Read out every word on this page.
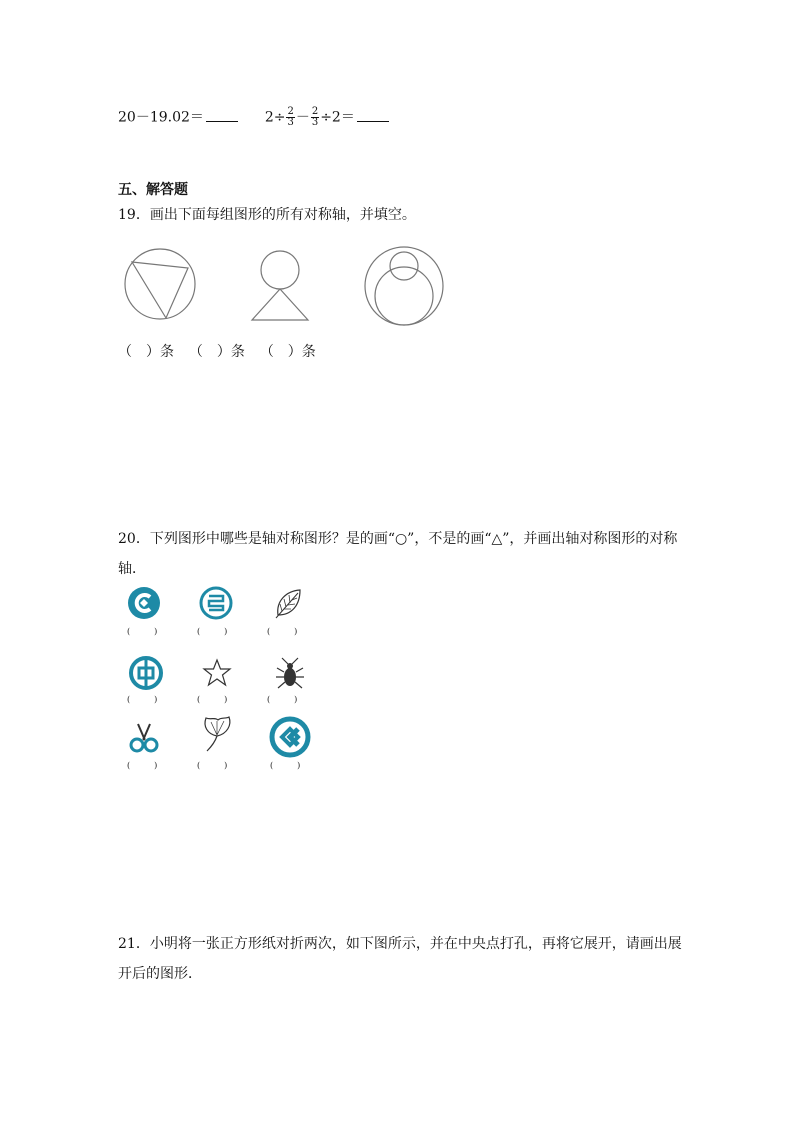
20－19.02＝	$2\div \frac{2}{3} - \frac{2}{3} \div 2=$
五、解答题
19．画出下面每组图形的所有对称轴，并填空。
（　）条 （　）条 （　）条
20．下列图形中哪些是轴对称图形？是的画“○”，不是的画“△”，并画出轴对称图形的对称
轴．
(　　　)	(　　　)	(　　　)
(　　　)	(　　　)	(　　　)
(　　　)	(　　　)	(　　　)
21．小明将一张正方形纸对折两次，如下图所示，并在中央点打孔，再将它展开，请画出展
开后的图形．
